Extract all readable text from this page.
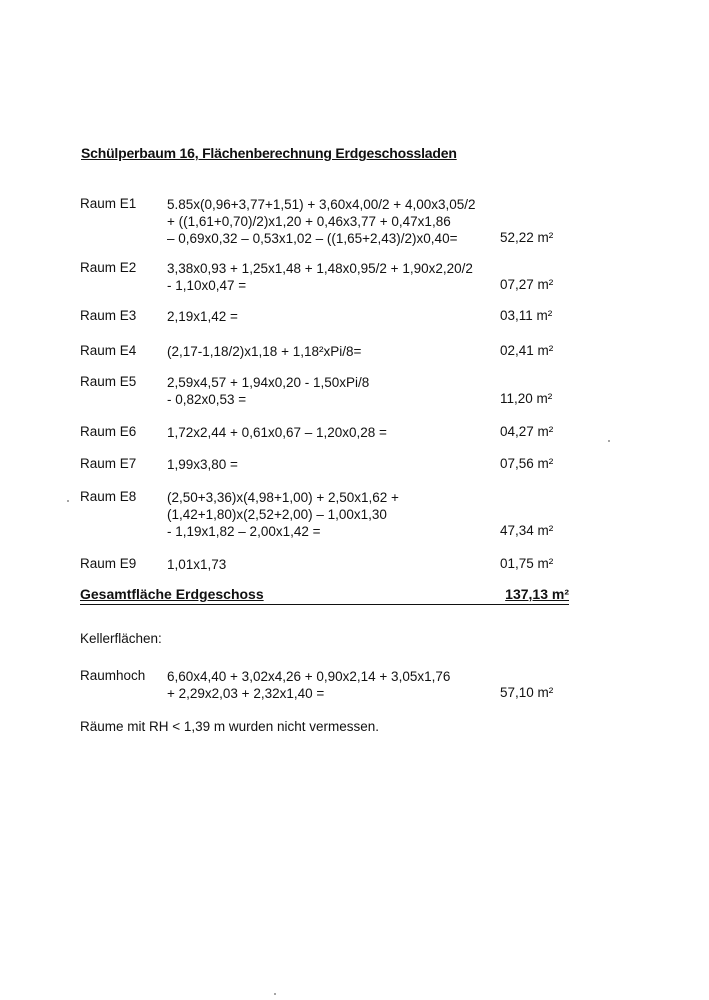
Schülperbaum 16, Flächenberechnung Erdgeschossladen
Raum E1 5.85x(0,96+3,77+1,51) + 3,60x4,00/2 + 4,00x3,05/2
+ ((1,61+0,70)/2)x1,20 + 0,46x3,77 + 0,47x1,86
– 0,69x0,32 – 0,53x1,02 – ((1,65+2,43)/2)x0,40=	52,22 m²
Raum E2 3,38x0,93 + 1,25x1,48 + 1,48x0,95/2 + 1,90x2,20/2
- 1,10x0,47 =	07,27 m²
Raum E3 2,19x1,42 =	03,11 m²
Raum E4 (2,17-1,18/2)x1,18 + 1,18²xPi/8=	02,41 m²
Raum E5 2,59x4,57 + 1,94x0,20 - 1,50xPi/8
- 0,82x0,53 =	11,20 m²
Raum E6 1,72x2,44 + 0,61x0,67 – 1,20x0,28 =	04,27 m²
Raum E7 1,99x3,80 =	07,56 m²
Raum E8 (2,50+3,36)x(4,98+1,00) + 2,50x1,62 +
(1,42+1,80)x(2,52+2,00) – 1,00x1,30
- 1,19x1,82 – 2,00x1,42 =	47,34 m²
Raum E9 1,01x1,73	01,75 m²
Gesamtfläche Erdgeschoss	137,13 m²
Kellerflächen:
Raumhoch 6,60x4,40 + 3,02x4,26 + 0,90x2,14 + 3,05x1,76
+ 2,29x2,03 + 2,32x1,40 =	57,10 m²
Räume mit RH < 1,39 m wurden nicht vermessen.
